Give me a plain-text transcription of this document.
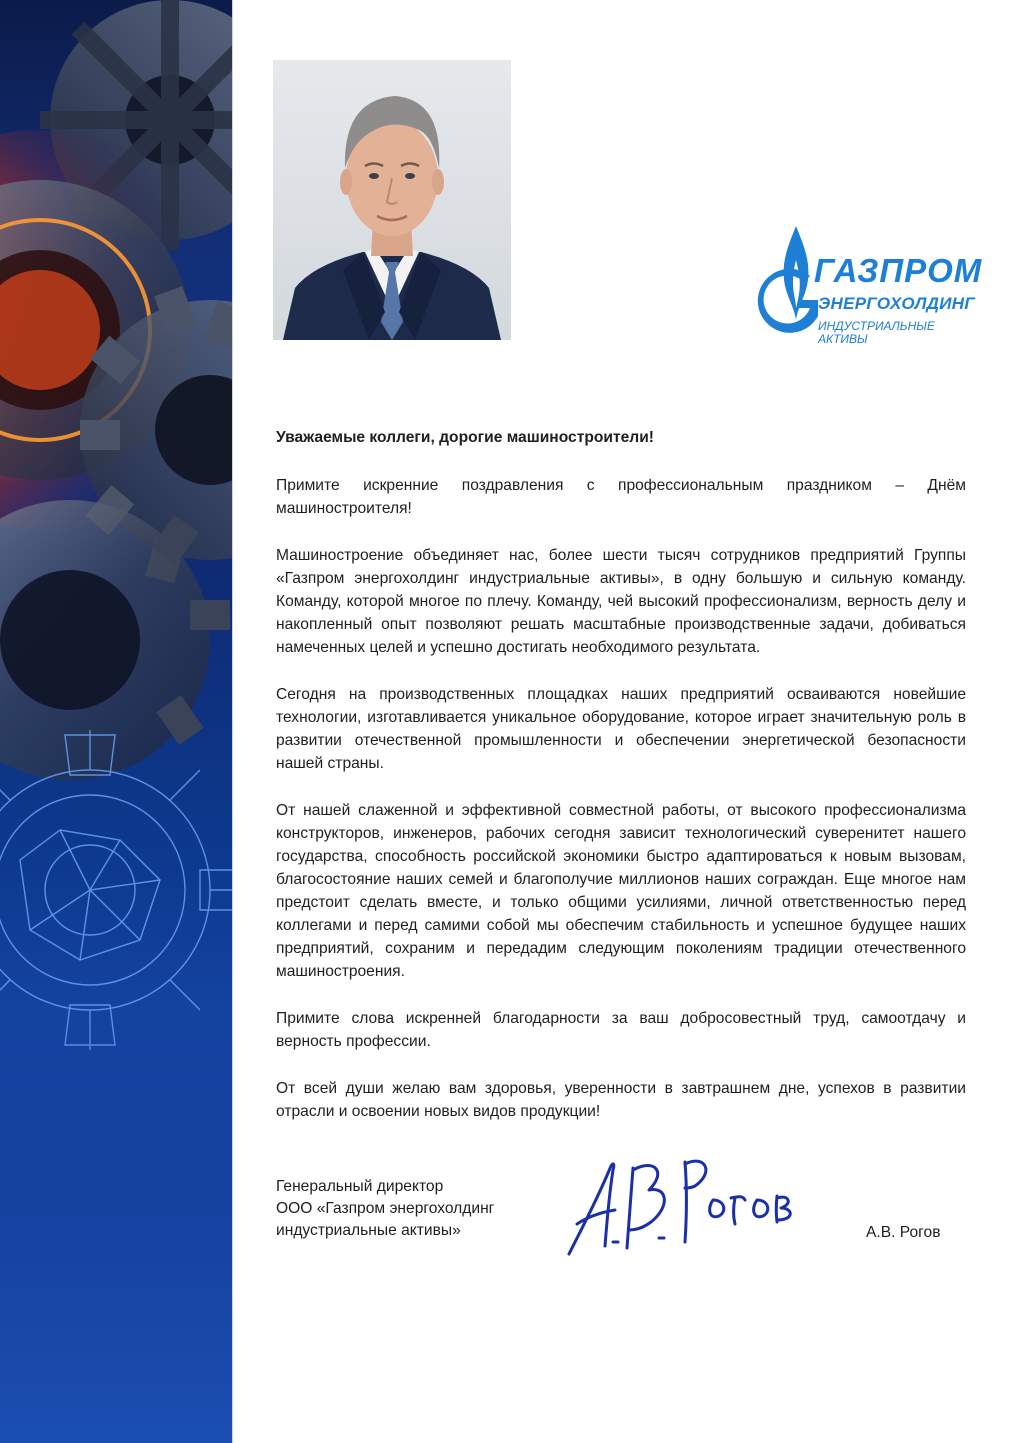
ГАЗПРОМ
ЭНЕРГОХОЛДИНГ
ИНДУСТРИАЛЬНЫЕ АКТИВЫ

Уважаемые коллеги, дорогие машиностроители!

Примите искренние поздравления с профессиональным праздником – Днём машиностроителя!

Машиностроение объединяет нас, более шести тысяч сотрудников предприятий Группы «Газпром энергохолдинг индустриальные активы», в одну большую и сильную команду. Команду, которой многое по плечу. Команду, чей высокий профессионализм, верность делу и накопленный опыт позволяют решать масштабные производственные задачи, добиваться намеченных целей и успешно достигать необходимого результата.

Сегодня на производственных площадках наших предприятий осваиваются новейшие технологии, изготавливается уникальное оборудование, которое играет значительную роль в развитии отечественной промышленности и обеспечении энергетической безопасности нашей страны.

От нашей слаженной и эффективной совместной работы, от высокого профессионализма конструкторов, инженеров, рабочих сегодня зависит технологический суверенитет нашего государства, способность российской экономики быстро адаптироваться к новым вызовам, благосостояние наших семей и благополучие миллионов наших сограждан. Еще многое нам предстоит сделать вместе, и только общими усилиями, личной ответственностью перед коллегами и перед самими собой мы обеспечим стабильность и успешное будущее наших предприятий, сохраним и передадим следующим поколениям традиции отечественного машиностроения.

Примите слова искренней благодарности за ваш добросовестный труд, самоотдачу и верность профессии.

От всей души желаю вам здоровья, уверенности в завтрашнем дне, успехов в развитии отрасли и освоении новых видов продукции!

Генеральный директор
ООО «Газпром энергохолдинг
индустриальные активы»	А.В. Рогов
